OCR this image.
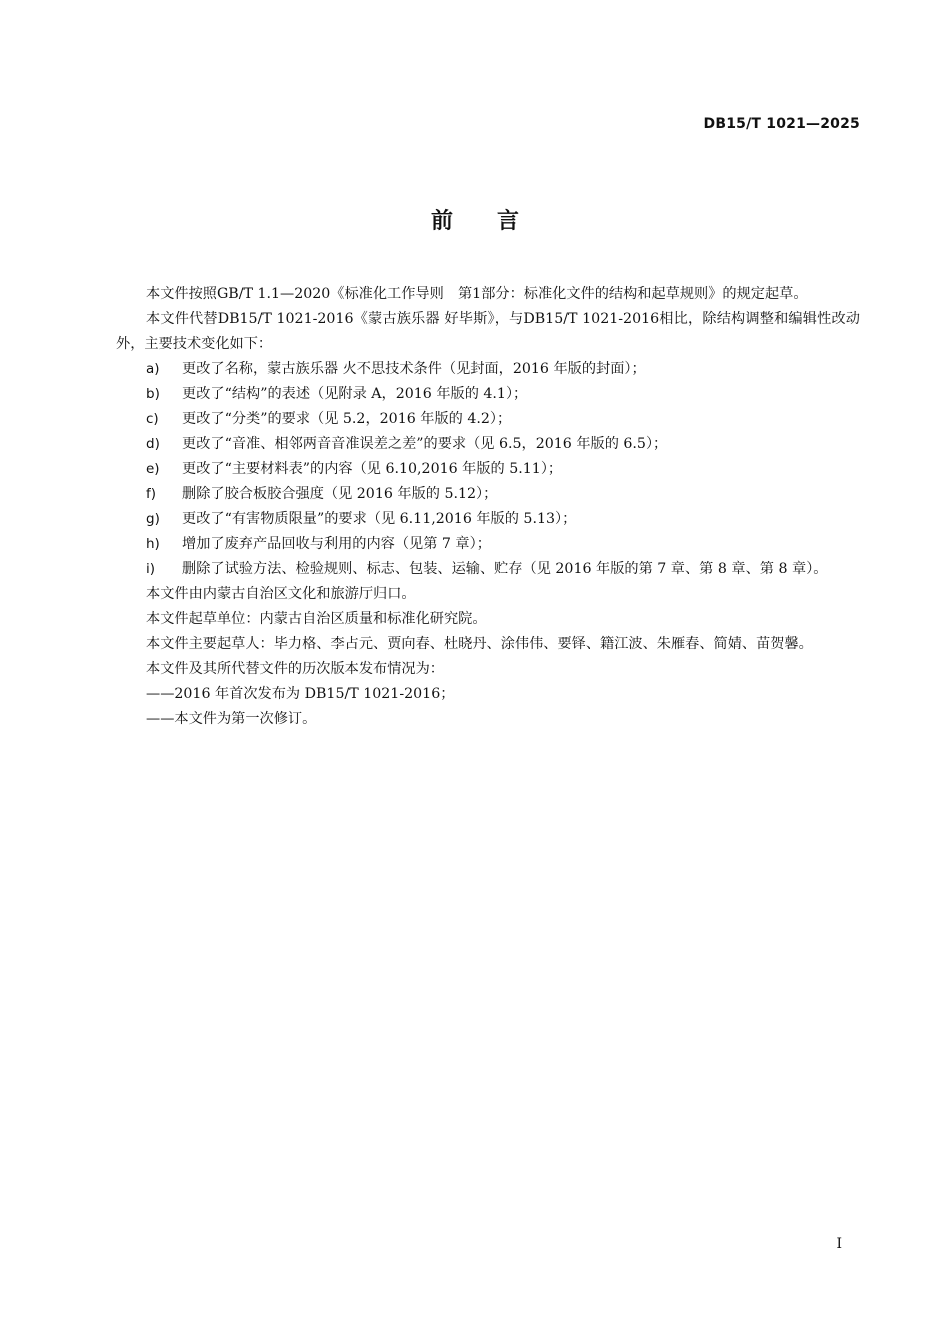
DB15/T 1021—2025
前言

本文件按照GB/T 1.1—2020《标准化工作导则　第1部分：标准化文件的结构和起草规则》的规定起草。

本文件代替DB15/T 1021-2016《蒙古族乐器 好毕斯》，与DB15/T 1021-2016相比，除结构调整和编辑性改动外，主要技术变化如下：

a)	更改了名称，蒙古族乐器 火不思技术条件（见封面，2016 年版的封面）；
b)	更改了“结构”的表述（见附录 A，2016 年版的 4.1）；
c)	更改了“分类”的要求（见 5.2，2016 年版的 4.2）；
d)	更改了“音准、相邻两音音准误差之差”的要求（见 6.5，2016 年版的 6.5）；
e)	更改了“主要材料表”的内容（见 6.10,2016 年版的 5.11）；
f)	删除了胶合板胶合强度（见 2016 年版的 5.12）；
g)	更改了“有害物质限量”的要求（见 6.11,2016 年版的 5.13）；
h)	增加了废弃产品回收与利用的内容（见第 7 章）；
i)	删除了试验方法、检验规则、标志、包装、运输、贮存（见 2016 年版的第 7 章、第 8 章、第 8 章）。

本文件由内蒙古自治区文化和旅游厅归口。

本文件起草单位：内蒙古自治区质量和标准化研究院。

本文件主要起草人：毕力格、李占元、贾向春、杜晓丹、涂伟伟、要铎、籍江波、朱雁春、简婧、苗贺馨。

本文件及其所代替文件的历次版本发布情况为：

——2016 年首次发布为 DB15/T 1021-2016；

——本文件为第一次修订。

I
